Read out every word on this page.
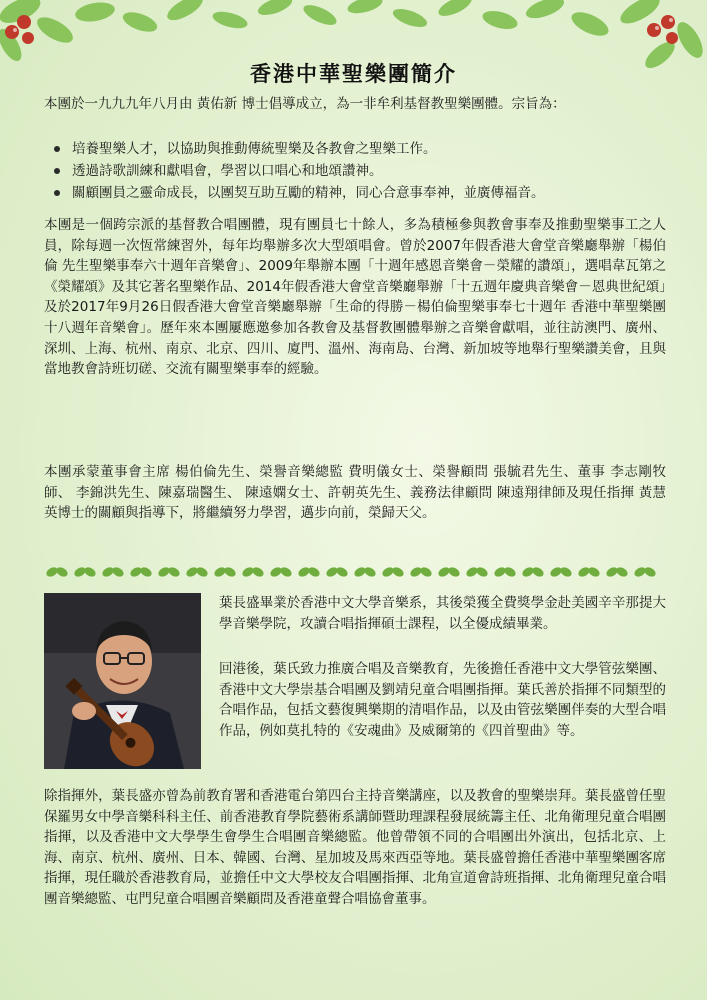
香港中華聖樂團簡介

本團於一九九九年八月由 黃佑新 博士倡導成立，為一非牟利基督教聖樂團體。宗旨為：

培養聖樂人才，以協助與推動傳統聖樂及各教會之聖樂工作。
透過詩歌訓練和獻唱會，學習以口唱心和地頌讚神。
關顧團員之靈命成長，以團契互助互勵的精神，同心合意事奉神，並廣傳福音。

本團是一個跨宗派的基督教合唱團體，現有團員七十餘人，多為積極參與教會事奉及推動聖樂事工之人員，除每週一次恆常練習外，每年均舉辦多次大型頌唱會。曾於2007年假香港大會堂音樂廳舉辦「楊伯倫 先生聖樂事奉六十週年音樂會」、2009年舉辦本團「十週年感恩音樂會－榮耀的讚頌」，選唱韋瓦第之《榮耀頌》及其它著名聖樂作品、2014年假香港大會堂音樂廳舉辦「十五週年慶典音樂會－恩典世紀頌」及於2017年9月26日假香港大會堂音樂廳舉辦「生命的得勝－楊伯倫聖樂事奉七十週年 香港中華聖樂團十八週年音樂會」。歷年來本團屢應邀參加各教會及基督教團體舉辦之音樂會獻唱，並往訪澳門、廣州、深圳、上海、杭州、南京、北京、四川、廈門、溫州、海南島、台灣、新加坡等地舉行聖樂讚美會，且與當地教會詩班切磋、交流有關聖樂事奉的經驗。

本團承蒙董事會主席 楊伯倫先生、榮譽音樂總監 費明儀女士、榮譽顧問 張毓君先生、董事 李志剛牧師、 李錦洪先生、陳嘉瑞醫生、 陳遠嫻女士、許朝英先生、義務法律顧問 陳遠翔律師及現任指揮 黃慧英博士的關顧與指導下，將繼續努力學習，邁步向前，榮歸天父。

葉長盛畢業於香港中文大學音樂系，其後榮獲全費獎學金赴美國辛辛那提大學音樂學院，攻讀合唱指揮碩士課程，以全優成績畢業。

回港後，葉氏致力推廣合唱及音樂教育，先後擔任香港中文大學管弦樂團、香港中文大學崇基合唱團及劉靖兒童合唱團指揮。葉氏善於指揮不同類型的合唱作品，包括文藝復興樂期的清唱作品，以及由管弦樂團伴奏的大型合唱作品，例如莫扎特的《安魂曲》及威爾第的《四首聖曲》等。

除指揮外，葉長盛亦曾為前教育署和香港電台第四台主持音樂講座，以及教會的聖樂崇拜。葉長盛曾任聖保羅男女中學音樂科科主任、前香港教育學院藝術系講師暨助理課程發展統籌主任、北角衛理兒童合唱團指揮，以及香港中文大學學生會學生合唱團音樂總監。他曾帶領不同的合唱團出外演出，包括北京、上海、南京、杭州、廣州、日本、韓國、台灣、星加坡及馬來西亞等地。葉長盛曾擔任香港中華聖樂團客席指揮，現任職於香港教育局，並擔任中文大學校友合唱團指揮、北角宣道會詩班指揮、北角衛理兒童合唱團音樂總監、屯門兒童合唱團音樂顧問及香港童聲合唱協會董事。
